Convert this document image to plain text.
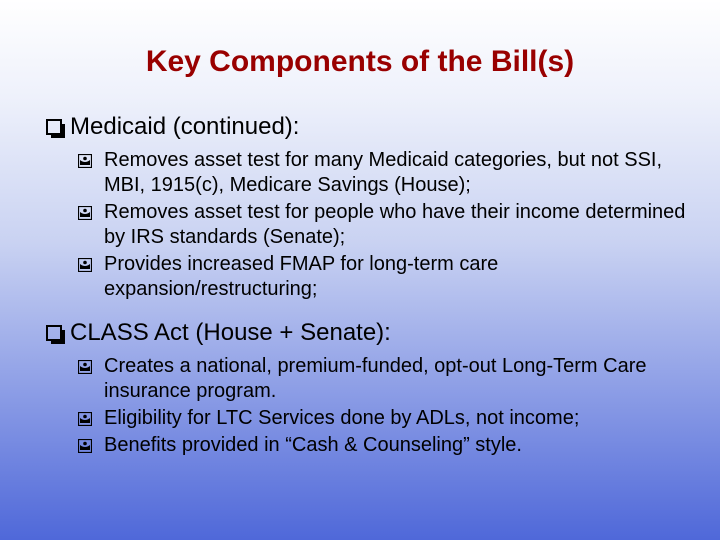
Key Components of the Bill(s)
Medicaid (continued):
Removes asset test for many Medicaid categories, but not SSI, MBI, 1915(c), Medicare Savings (House);
Removes asset test for people who have their income determined by IRS standards (Senate);
Provides increased FMAP for long-term care expansion/restructuring;
CLASS Act (House + Senate):
Creates a national, premium-funded, opt-out Long-Term Care insurance program.
Eligibility for LTC Services done by ADLs, not income;
Benefits provided in “Cash & Counseling” style.
